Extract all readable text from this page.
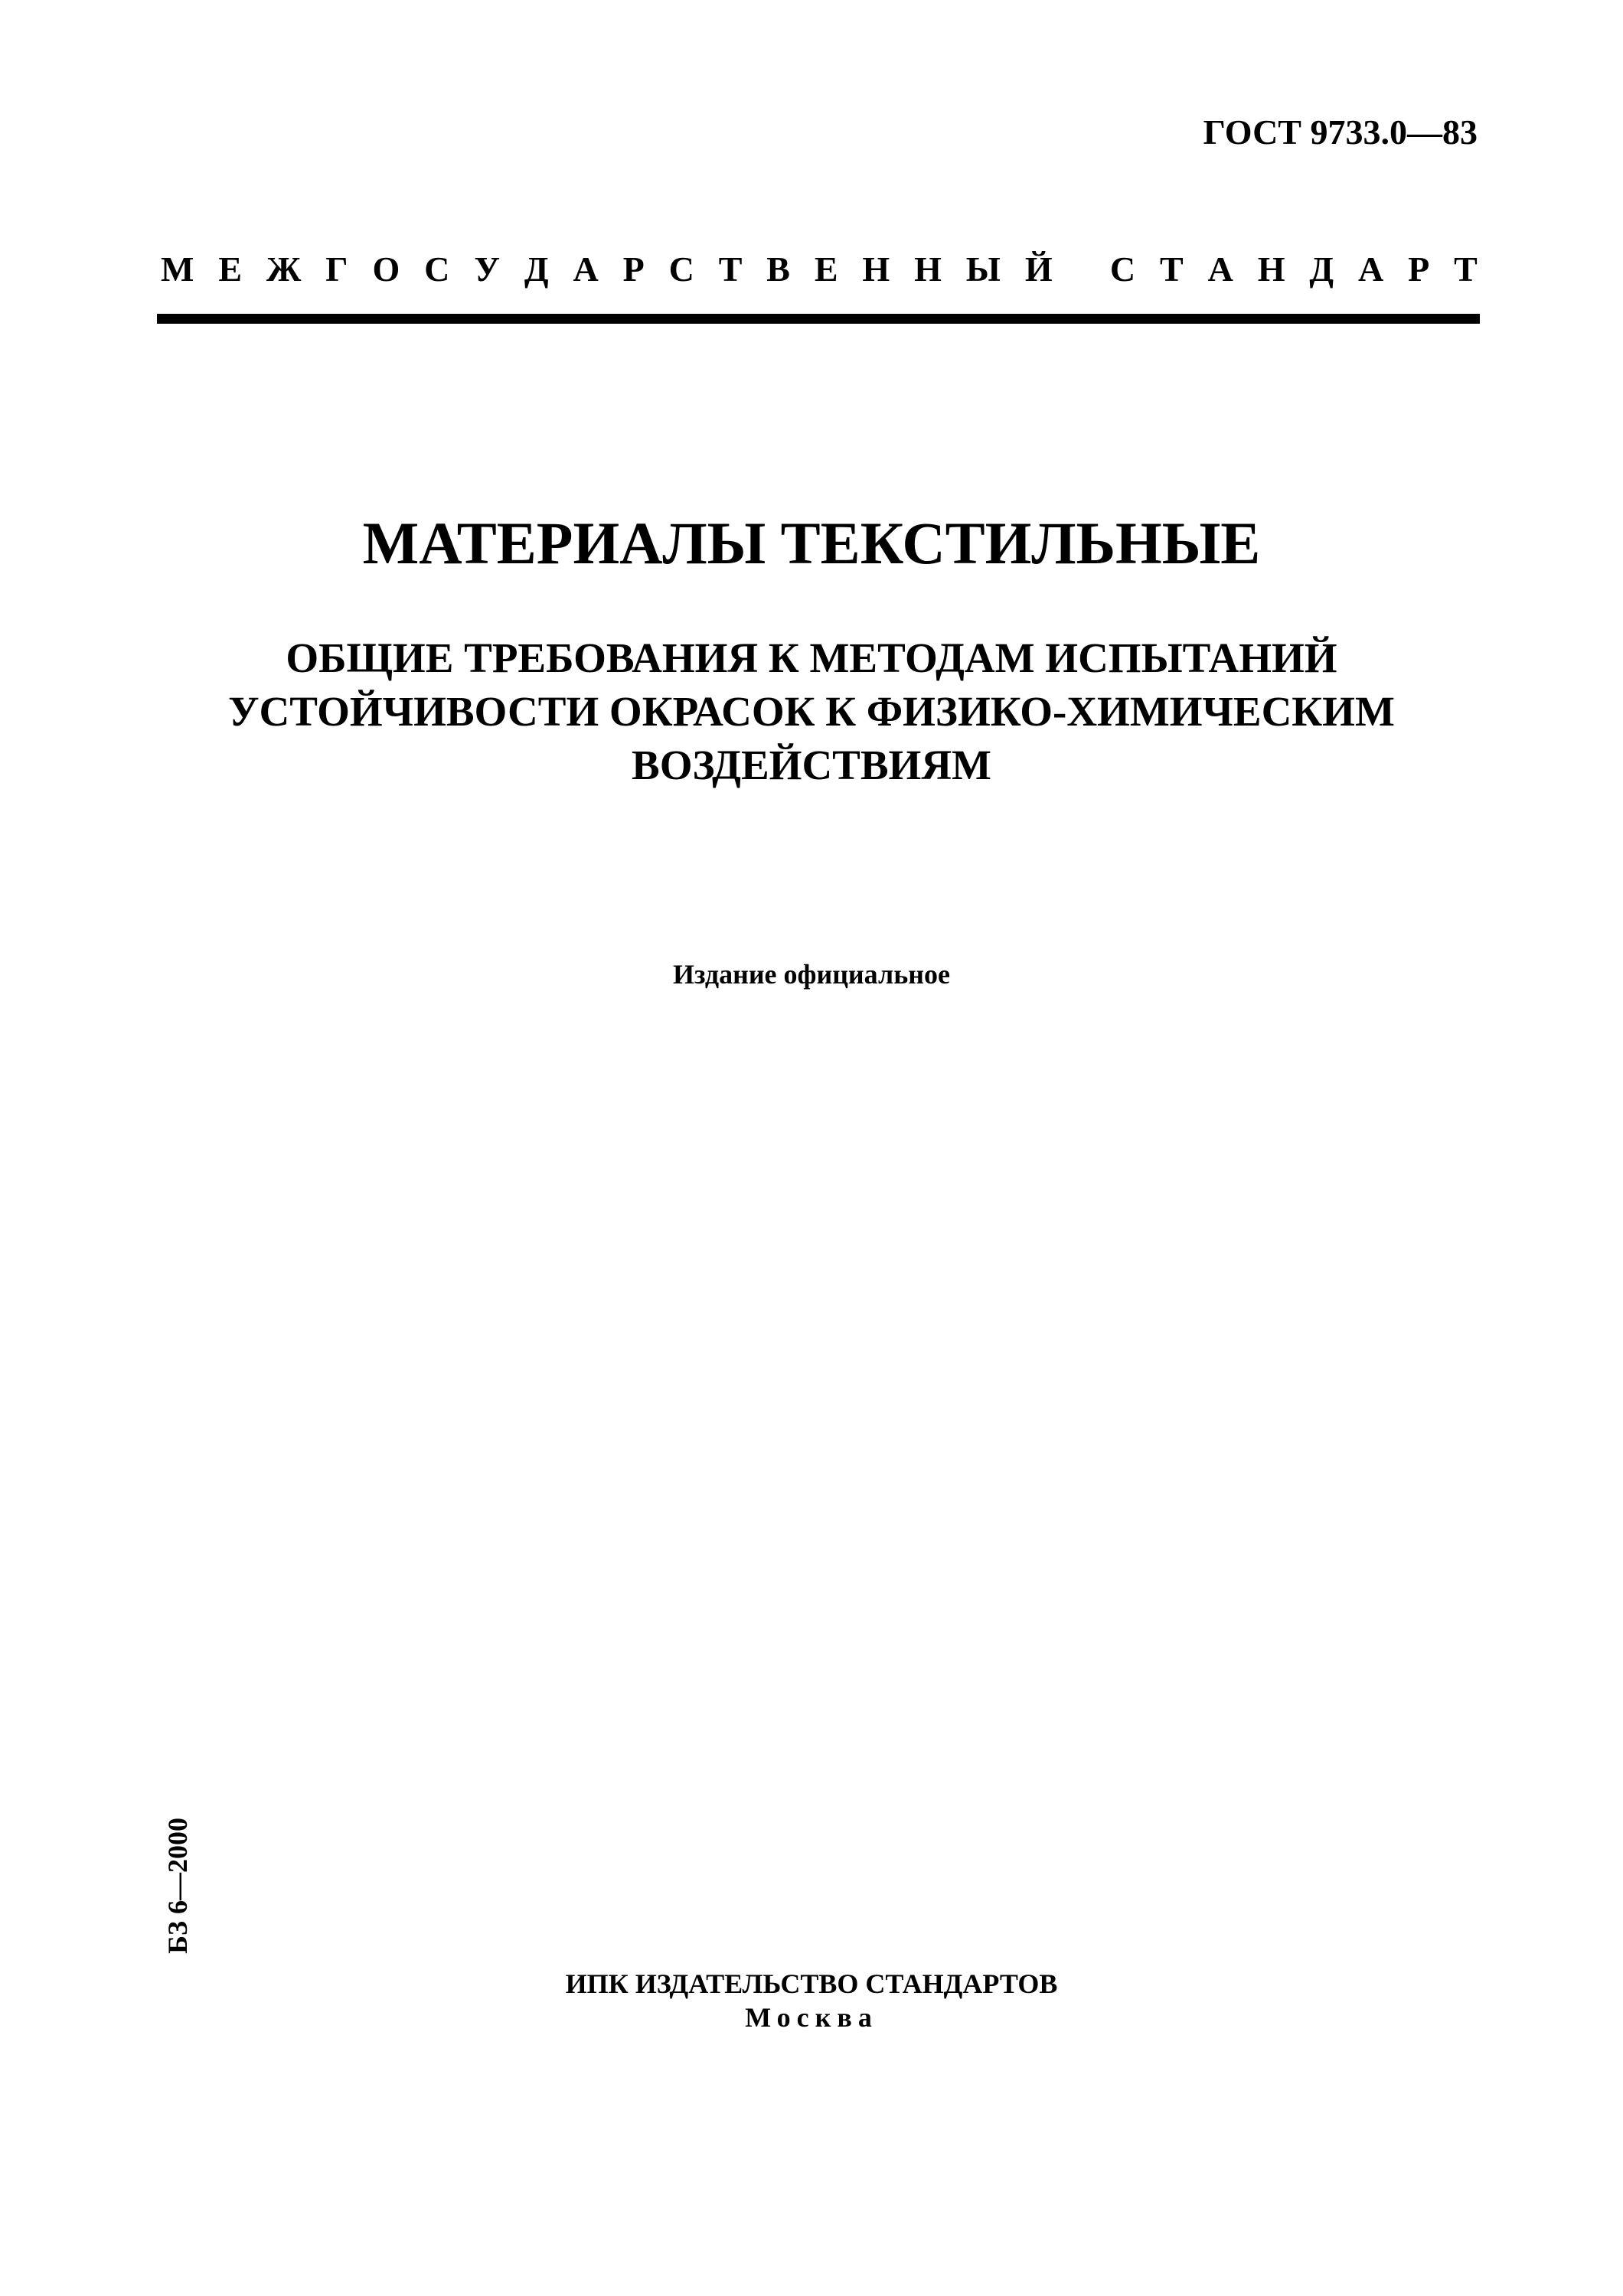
ГОСТ 9733.0—83
М Е Ж Г О С У Д А Р С Т В Е Н Н Ы Й
С Т А Н Д А Р Т
МАТЕРИАЛЫ ТЕКСТИЛЬНЫЕ
ОБЩИЕ ТРЕБОВАНИЯ К МЕТОДАМ ИСПЫТАНИЙ
УСТОЙЧИВОСТИ ОКРАСОК К ФИЗИКО-ХИМИЧЕСКИМ
ВОЗДЕЙСТВИЯМ
Издание официальное
БЗ 6—2000
ИПК ИЗДАТЕЛЬСТВО СТАНДАРТОВ
Москва
